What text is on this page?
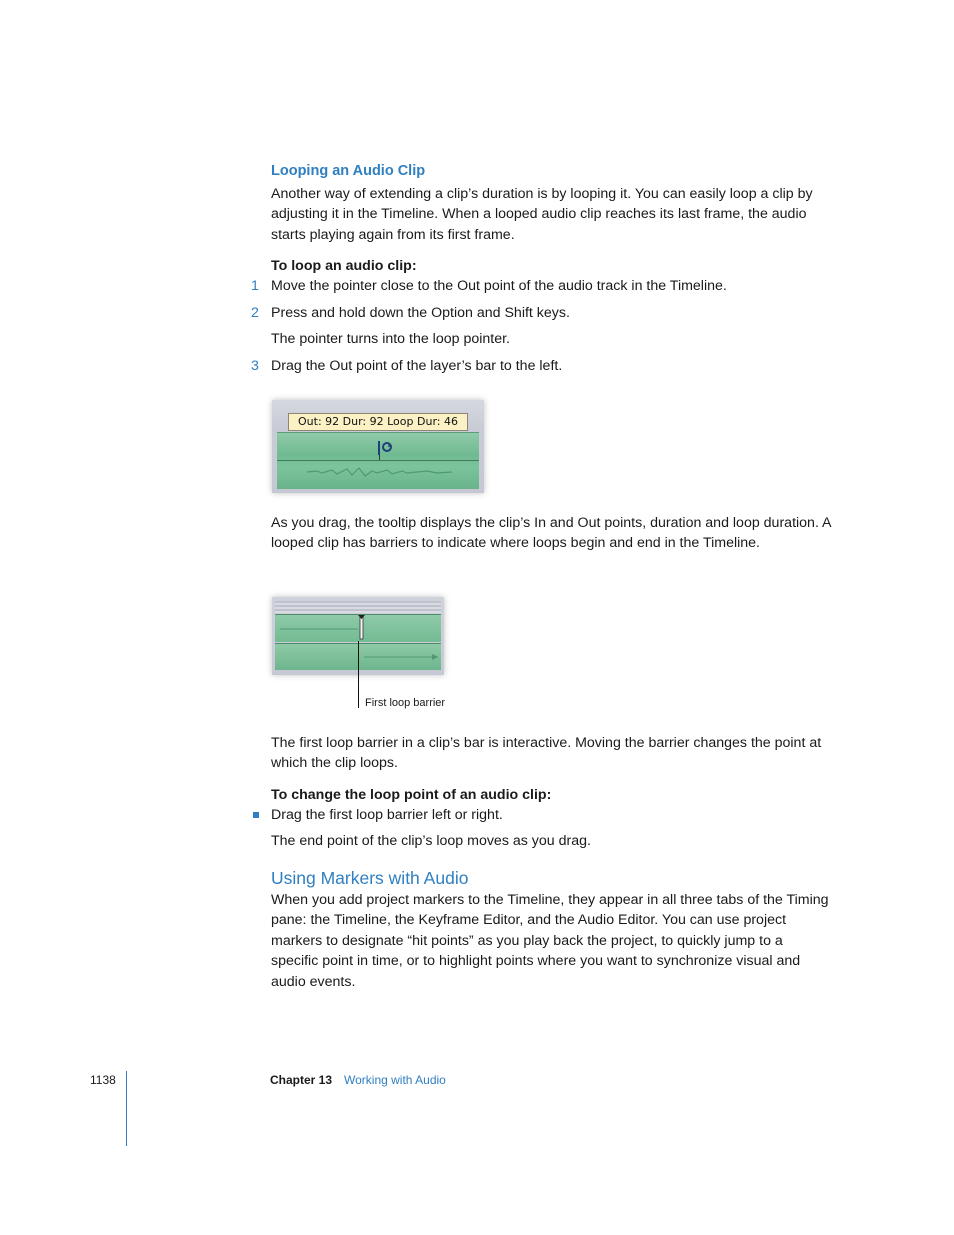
Looping an Audio Clip

Another way of extending a clip’s duration is by looping it. You can easily loop a clip by adjusting it in the Timeline. When a looped audio clip reaches its last frame, the audio starts playing again from its first frame.

To loop an audio clip:
1 Move the pointer close to the Out point of the audio track in the Timeline.
2 Press and hold down the Option and Shift keys.
The pointer turns into the loop pointer.
3 Drag the Out point of the layer’s bar to the left.
Out: 92 Dur: 92 Loop Dur: 46

As you drag, the tooltip displays the clip’s In and Out points, duration and loop duration. A looped clip has barriers to indicate where loops begin and end in the Timeline.

First loop barrier

The first loop barrier in a clip’s bar is interactive. Moving the barrier changes the point at which the clip loops.

To change the loop point of an audio clip:
Drag the first loop barrier left or right.
The end point of the clip’s loop moves as you drag.
Using Markers with Audio

When you add project markers to the Timeline, they appear in all three tabs of the Timing pane: the Timeline, the Keyframe Editor, and the Audio Editor. You can use project markers to designate “hit points” as you play back the project, to quickly jump to a specific point in time, or to highlight points where you want to synchronize visual and audio events.

1138	Chapter 13 Working with Audio
